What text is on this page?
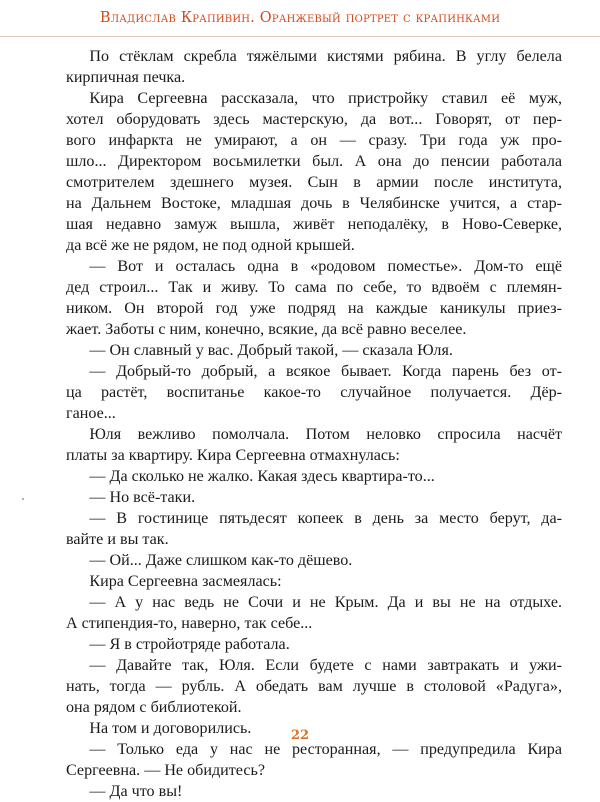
Владислав Крапивин. Оранжевый портрет с крапинками

По стёклам скребла тяжёлыми кистями рябина. В углу белела
кирпичная печка.

Кира Сергеевна рассказала, что пристройку ставил её муж,
хотел оборудовать здесь мастерскую, да вот... Говорят, от пер-
вого инфаркта не умирают, а он — сразу. Три года уж про-
шло... Директором восьмилетки был. А она до пенсии работала
смотрителем здешнего музея. Сын в армии после института,
на Дальнем Востоке, младшая дочь в Челябинске учится, а стар-
шая недавно замуж вышла, живёт неподалёку, в Ново-Северке,
да всё же не рядом, не под одной крышей.

— Вот и осталась одна в «родовом поместье». Дом-то ещё
дед строил... Так и живу. То сама по себе, то вдвоём с племян-
ником. Он второй год уже подряд на каждые каникулы приез-
жает. Заботы с ним, конечно, всякие, да всё равно веселее.

— Он славный у вас. Добрый такой, — сказала Юля.

— Добрый-то добрый, а всякое бывает. Когда парень без от-
ца растёт, воспитанье какое-то случайное получается. Дёр-
ганое...

Юля вежливо помолчала. Потом неловко спросила насчёт
платы за квартиру. Кира Сергеевна отмахнулась:

— Да сколько не жалко. Какая здесь квартира-то...

— Но всё-таки.

— В гостинице пятьдесят копеек в день за место берут, да-
вайте и вы так.

— Ой... Даже слишком как-то дёшево.

Кира Сергеевна засмеялась:

— А у нас ведь не Сочи и не Крым. Да и вы не на отдыхе.
А стипендия-то, наверно, так себе...

— Я в стройотряде работала.

— Давайте так, Юля. Если будете с нами завтракать и ужи-
нать, тогда — рубль. А обедать вам лучше в столовой «Радуга»,
она рядом с библиотекой.

На том и договорились.

— Только еда у нас не ресторанная, — предупредила Кира
Сергеевна. — Не обидитесь?

— Да что вы!

22
